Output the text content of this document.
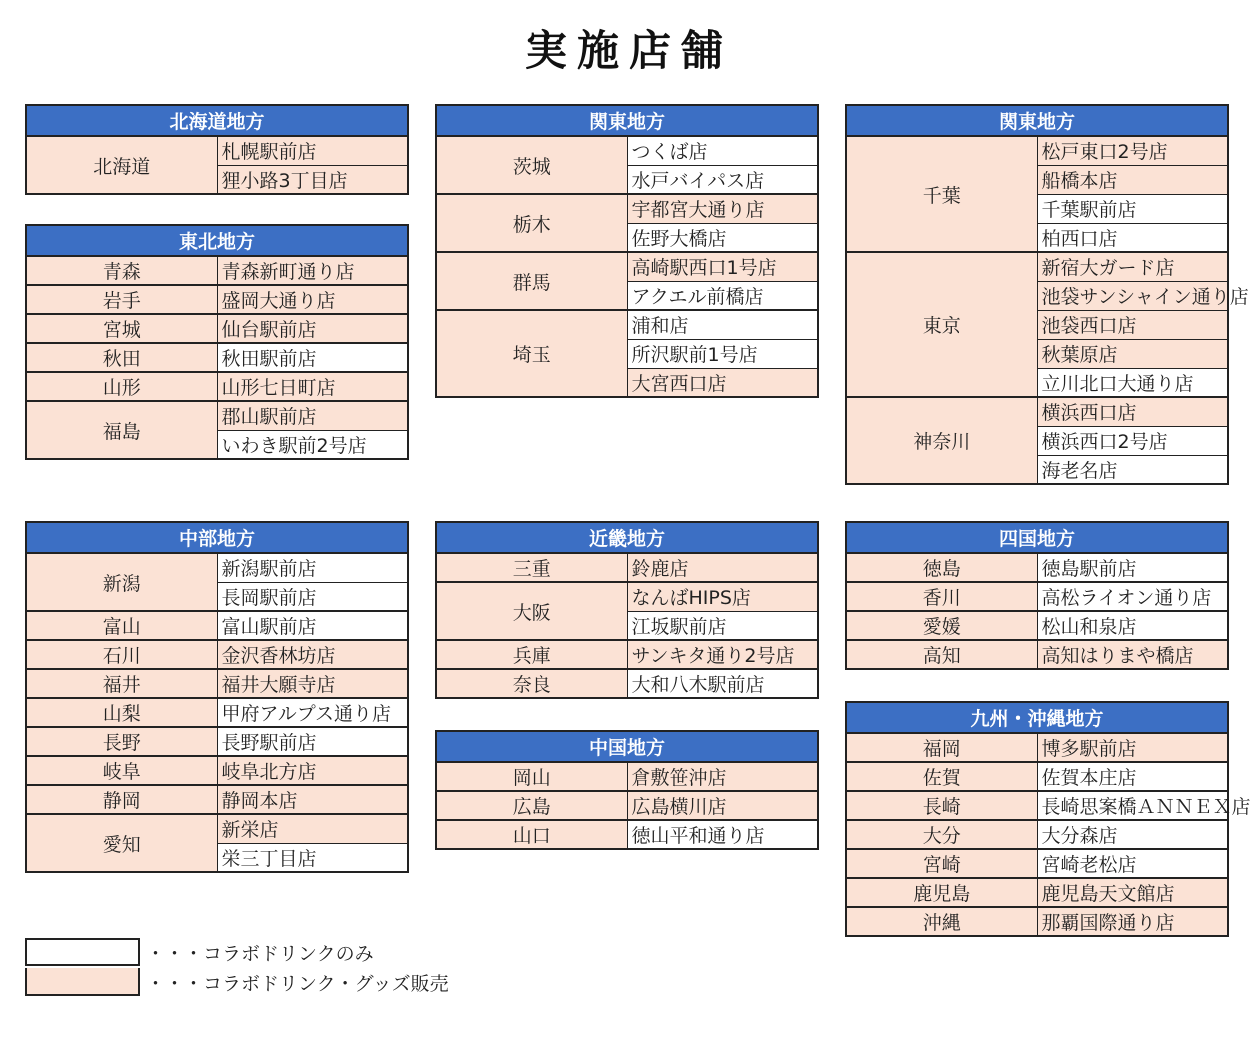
実施店舗
北海道地方
北海道	札幌駅前店
狸小路3丁目店
東北地方	
青森	青森新町通り店
岩手	盛岡大通り店
宮城	仙台駅前店
秋田	秋田駅前店
山形	山形七日町店
福島	郡山駅前店
	いわき駅前2号店
関東地方	
茨城	つくば店
	水戸バイパス店
栃木	宇都宮大通り店
	佐野大橋店
群馬	高崎駅西口1号店
	アクエル前橋店
埼玉	浦和店
	所沢駅前1号店
	大宮西口店
関東地方	
千葉	松戸東口2号店
	船橋本店
	千葉駅前店
	柏西口店
東京	新宿大ガード店
	池袋サンシャイン通り店
	池袋西口店
	秋葉原店
	立川北口大通り店
神奈川	横浜西口店
	横浜西口2号店
	海老名店
中部地方	
新潟	新潟駅前店
	長岡駅前店
富山	富山駅前店
石川	金沢香林坊店
福井	福井大願寺店
山梨	甲府アルプス通り店
長野	長野駅前店
岐阜	岐阜北方店
静岡	静岡本店
愛知	新栄店
	栄三丁目店
近畿地方	
三重	鈴鹿店
大阪	なんばHIPS店
	江坂駅前店
兵庫	サンキタ通り2号店
奈良	大和八木駅前店
中国地方	
岡山	倉敷笹沖店
広島	広島横川店
山口	徳山平和通り店
四国地方	
徳島	徳島駅前店
香川	高松ライオン通り店
愛媛	松山和泉店
高知	高知はりまや橋店
九州・沖縄地方	
福岡	博多駅前店
佐賀	佐賀本庄店
長崎	長崎思案橋ＡＮＮＥＸ店
大分	大分森店
宮崎	宮崎老松店
鹿児島	鹿児島天文館店
沖縄	那覇国際通り店
・・・コラボドリンクのみ
・・・コラボドリンク・グッズ販売
